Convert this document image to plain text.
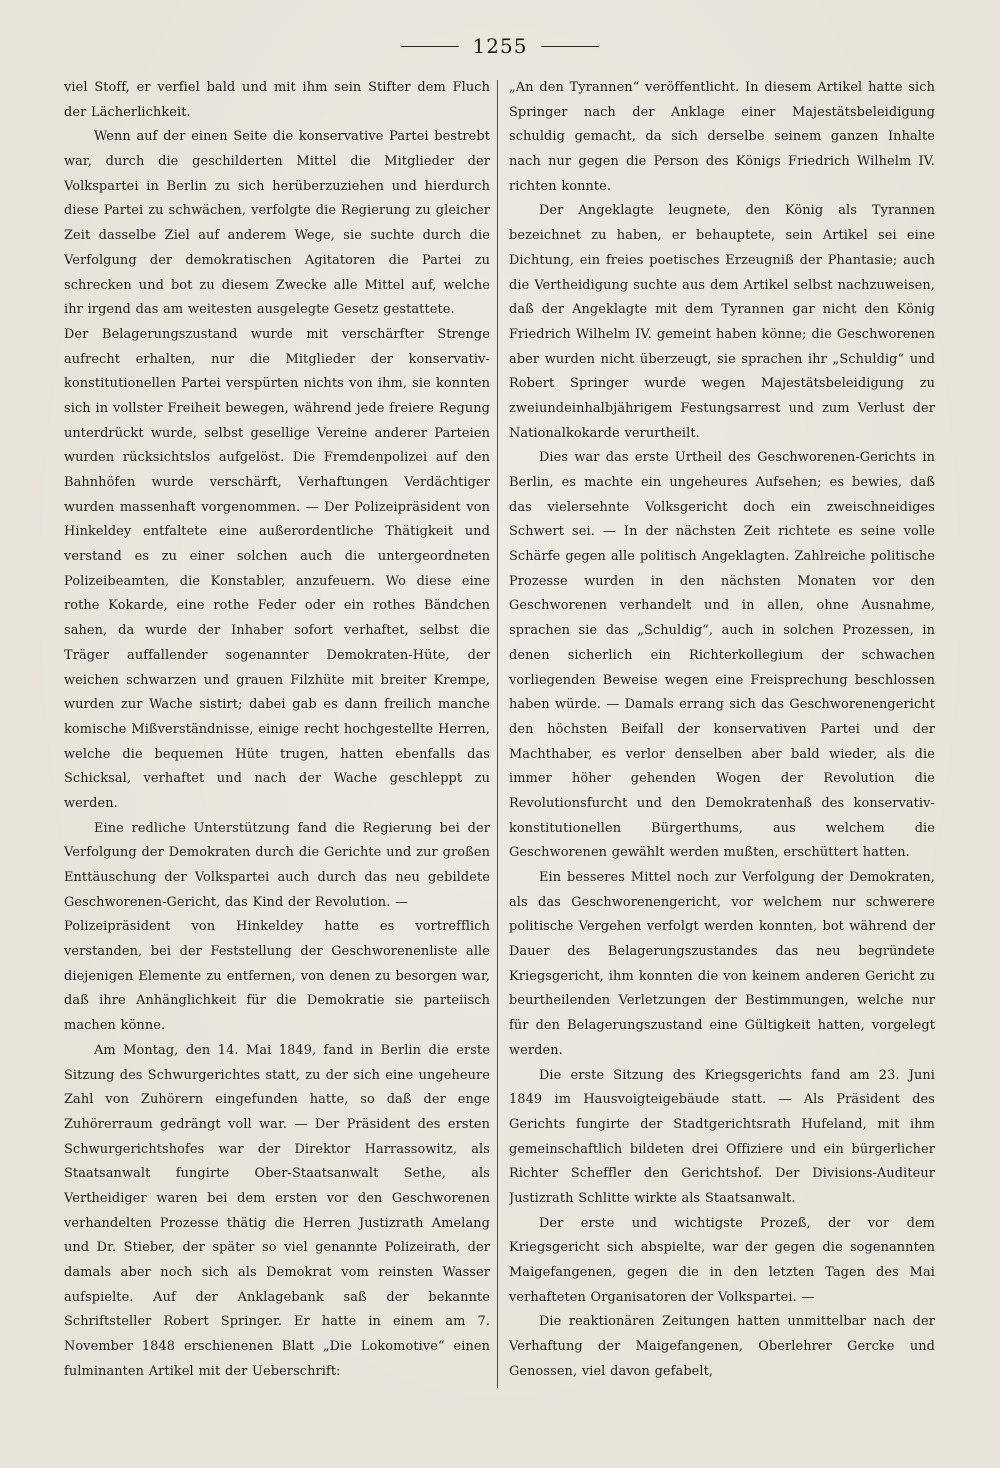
1255

viel Stoff, er verfiel bald und mit ihm sein Stifter dem Fluch der Lächerlichkeit.

Wenn auf der einen Seite die konservative Partei bestrebt war, durch die geschilderten Mittel die Mitglieder der Volkspartei in Berlin zu sich herüberzuziehen und hierdurch diese Partei zu schwächen, verfolgte die Regierung zu gleicher Zeit dasselbe Ziel auf anderem Wege, sie suchte durch die Verfolgung der demokratischen Agitatoren die Partei zu schrecken und bot zu diesem Zwecke alle Mittel auf, welche ihr irgend das am weitesten ausgelegte Gesetz gestattete.

Der Belagerungszustand wurde mit verschärfter Strenge aufrecht erhalten, nur die Mitglieder der konservativ-konstitutionellen Partei verspürten nichts von ihm, sie konnten sich in vollster Freiheit bewegen, während jede freiere Regung unterdrückt wurde, selbst gesellige Vereine anderer Parteien wurden rücksichtslos aufgelöst. Die Fremdenpolizei auf den Bahnhöfen wurde verschärft, Verhaftungen Verdächtiger wurden massenhaft vorgenommen. — Der Polizeipräsident von Hinkeldey entfaltete eine außerordentliche Thätigkeit und verstand es zu einer solchen auch die untergeordneten Polizeibeamten, die Konstabler, anzufeuern. Wo diese eine rothe Kokarde, eine rothe Feder oder ein rothes Bändchen sahen, da wurde der Inhaber sofort verhaftet, selbst die Träger auffallender sogenannter Demokraten-Hüte, der weichen schwarzen und grauen Filzhüte mit breiter Krempe, wurden zur Wache sistirt; dabei gab es dann freilich manche komische Mißverständnisse, einige recht hochgestellte Herren, welche die bequemen Hüte trugen, hatten ebenfalls das Schicksal, verhaftet und nach der Wache geschleppt zu werden.

Eine redliche Unterstützung fand die Regierung bei der Verfolgung der Demokraten durch die Gerichte und zur großen Enttäuschung der Volkspartei auch durch das neu gebildete Geschworenen-Gericht, das Kind der Revolution. —

Polizeipräsident von Hinkeldey hatte es vortrefflich verstanden, bei der Feststellung der Geschworenenliste alle diejenigen Elemente zu entfernen, von denen zu besorgen war, daß ihre Anhänglichkeit für die Demokratie sie parteiisch machen könne.

Am Montag, den 14. Mai 1849, fand in Berlin die erste Sitzung des Schwurgerichtes statt, zu der sich eine ungeheure Zahl von Zuhörern eingefunden hatte, so daß der enge Zuhörerraum gedrängt voll war. — Der Präsident des ersten Schwurgerichtshofes war der Direktor Harrassowitz, als Staatsanwalt fungirte Ober-Staatsanwalt Sethe, als Vertheidiger waren bei dem ersten vor den Geschworenen verhandelten Prozesse thätig die Herren Justizrath Amelang und Dr. Stieber, der später so viel genannte Polizeirath, der damals aber noch sich als Demokrat vom reinsten Wasser aufspielte. Auf der Anklagebank saß der bekannte Schriftsteller Robert Springer. Er hatte in einem am 7. November 1848 erschienenen Blatt „Die Lokomotive“ einen fulminanten Artikel mit der Ueberschrift:

„An den Tyrannen“ veröffentlicht. In diesem Artikel hatte sich Springer nach der Anklage einer Majestätsbeleidigung schuldig gemacht, da sich derselbe seinem ganzen Inhalte nach nur gegen die Person des Königs Friedrich Wilhelm IV. richten konnte.

Der Angeklagte leugnete, den König als Tyrannen bezeichnet zu haben, er behauptete, sein Artikel sei eine Dichtung, ein freies poetisches Erzeugniß der Phantasie; auch die Vertheidigung suchte aus dem Artikel selbst nachzuweisen, daß der Angeklagte mit dem Tyrannen gar nicht den König Friedrich Wilhelm IV. gemeint haben könne; die Geschworenen aber wurden nicht überzeugt, sie sprachen ihr „Schuldig“ und Robert Springer wurde wegen Majestätsbeleidigung zu zweiundeinhalbjährigem Festungsarrest und zum Verlust der Nationalkokarde verurtheilt.

Dies war das erste Urtheil des Geschworenen-Gerichts in Berlin, es machte ein ungeheures Aufsehen; es bewies, daß das vielersehnte Volksgericht doch ein zweischneidiges Schwert sei. — In der nächsten Zeit richtete es seine volle Schärfe gegen alle politisch Angeklagten. Zahlreiche politische Prozesse wurden in den nächsten Monaten vor den Geschworenen verhandelt und in allen, ohne Ausnahme, sprachen sie das „Schuldig“, auch in solchen Prozessen, in denen sicherlich ein Richterkollegium der schwachen vorliegenden Beweise wegen eine Freisprechung beschlossen haben würde. — Damals errang sich das Geschworenengericht den höchsten Beifall der konservativen Partei und der Machthaber, es verlor denselben aber bald wieder, als die immer höher gehenden Wogen der Revolution die Revolutionsfurcht und den Demokratenhaß des konservativ-konstitutionellen Bürgerthums, aus welchem die Geschworenen gewählt werden mußten, erschüttert hatten.

Ein besseres Mittel noch zur Verfolgung der Demokraten, als das Geschworenengericht, vor welchem nur schwerere politische Vergehen verfolgt werden konnten, bot während der Dauer des Belagerungszustandes das neu begründete Kriegsgericht, ihm konnten die von keinem anderen Gericht zu beurtheilenden Verletzungen der Bestimmungen, welche nur für den Belagerungszustand eine Gültigkeit hatten, vorgelegt werden.

Die erste Sitzung des Kriegsgerichts fand am 23. Juni 1849 im Hausvoigteigebäude statt. — Als Präsident des Gerichts fungirte der Stadtgerichtsrath Hufeland, mit ihm gemeinschaftlich bildeten drei Offiziere und ein bürgerlicher Richter Scheffler den Gerichtshof. Der Divisions-Auditeur Justizrath Schlitte wirkte als Staatsanwalt.

Der erste und wichtigste Prozeß, der vor dem Kriegsgericht sich abspielte, war der gegen die sogenannten Maigefangenen, gegen die in den letzten Tagen des Mai verhafteten Organisatoren der Volkspartei. —

Die reaktionären Zeitungen hatten unmittelbar nach der Verhaftung der Maigefangenen, Oberlehrer Gercke und Genossen, viel davon gefabelt,
